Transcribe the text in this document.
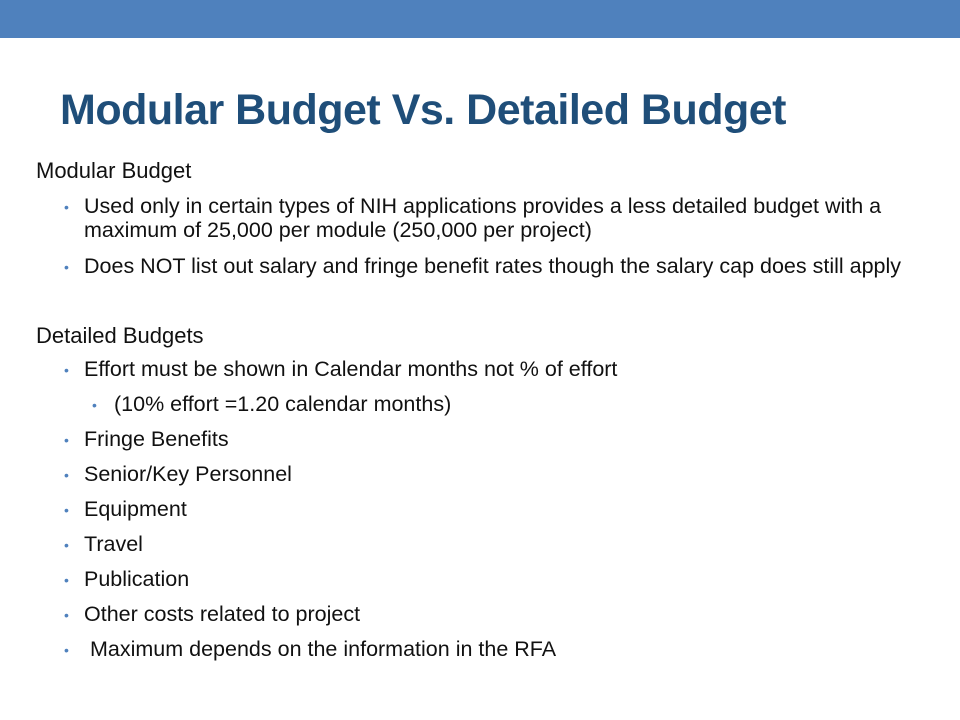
Modular Budget Vs. Detailed Budget

Modular Budget

• Used only in certain types of NIH applications provides a less detailed budget with a maximum of 25,000 per module (250,000 per project)
• Does NOT list out salary and fringe benefit rates though the salary cap does still apply

Detailed Budgets

• Effort must be shown in Calendar months not % of effort
• (10% effort =1.20 calendar months)
• Fringe Benefits
• Senior/Key Personnel
• Equipment
• Travel
• Publication
• Other costs related to project
• Maximum depends on the information in the RFA
